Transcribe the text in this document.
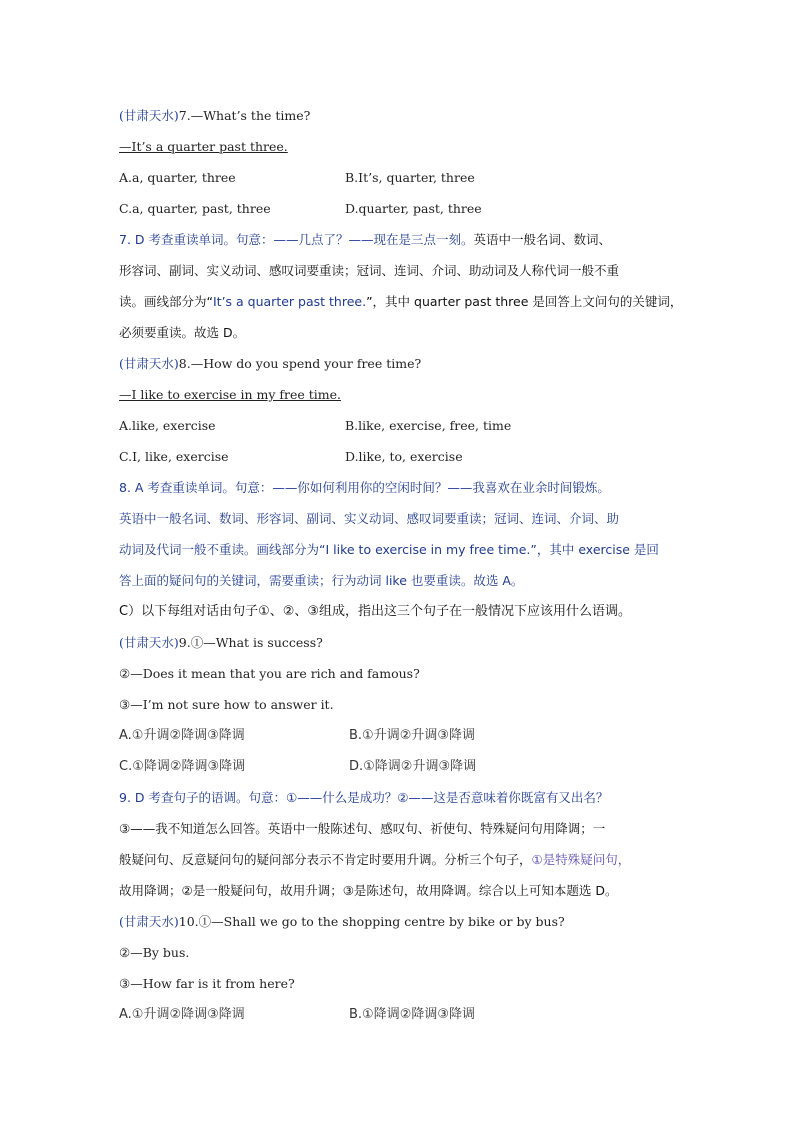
(甘肃天水)7.—What’s the time?
—It’s a quarter past three.
A.a, quarter, three	B.It’s, quarter, three
C.a, quarter, past, three	D.quarter, past, three
7. D 考查重读单词。句意：——几点了？——现在是三点一刻。英语中一般名词、数词、
形容词、副词、实义动词、感叹词要重读；冠词、连词、介词、助动词及人称代词一般不重
读。画线部分为“It’s a quarter past three.”，其中 quarter past three 是回答上文问句的关键词，
必须要重读。故选 D。
(甘肃天水)8.—How do you spend your free time?
—I like to exercise in my free time.
A.like, exercise	B.like, exercise, free, time
C.I, like, exercise	D.like, to, exercise
8. A 考查重读单词。句意：——你如何利用你的空闲时间？——我喜欢在业余时间锻炼。
英语中一般名词、数词、形容词、副词、实义动词、感叹词要重读；冠词、连词、介词、助
动词及代词一般不重读。画线部分为“I like to exercise in my free time.”，其中 exercise 是回
答上面的疑问句的关键词，需要重读；行为动词 like 也要重读。故选 A。
C）以下每组对话由句子①、②、③组成，指出这三个句子在一般情况下应该用什么语调。
(甘肃天水)9.①—What is success?
②—Does it mean that you are rich and famous?
③—I’m not sure how to answer it.
A.①升调②降调③降调	B.①升调②升调③降调
C.①降调②降调③降调	D.①降调②升调③降调
9. D 考查句子的语调。句意：①——什么是成功？②——这是否意味着你既富有又出名？
③——我不知道怎么回答。英语中一般陈述句、感叹句、祈使句、特殊疑问句用降调；一
般疑问句、反意疑问句的疑问部分表示不肯定时要用升调。分析三个句子，①是特殊疑问句，
故用降调；②是一般疑问句，故用升调；③是陈述句，故用降调。综合以上可知本题选 D。
(甘肃天水)10.①—Shall we go to the shopping centre by bike or by bus?
②—By bus.
③—How far is it from here?
A.①升调②降调③降调	B.①降调②降调③降调
